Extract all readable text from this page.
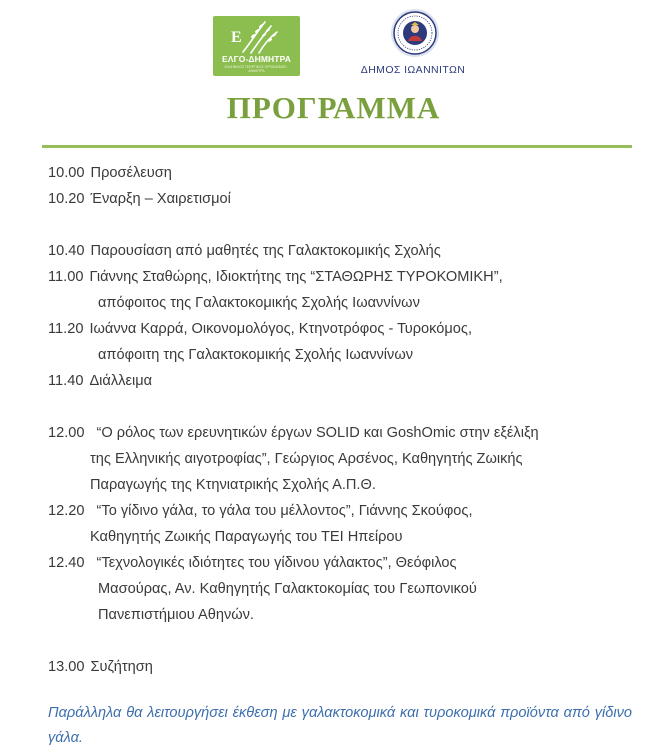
Ε
ΕΛΓΟ-ΔΗΜΗΤΡΑ
ΕΛΛΗΝΙΚΟΣ ΓΕΩΡΓΙΚΟΣ ΟΡΓΑΝΙΣΜΟΣ - ΔΗΜΗΤΡΑ	ΔΗΜΟΣ ΙΩΑΝΝΙΤΩΝ
ΠΡΟΓΡΑΜΜΑ
10.00 Προσέλευση
10.20 Έναρξη – Χαιρετισμοί
10.40 Παρουσίαση από μαθητές της Γαλακτοκομικής Σχολής
11.00 Γιάννης Σταθώρης, Ιδιοκτήτης της “ΣΤΑΘΩΡΗΣ ΤΥΡΟΚΟΜΙΚΗ”,
απόφοιτος της Γαλακτοκομικής Σχολής Ιωαννίνων
11.20 Ιωάννα Καρρά, Οικονομολόγος, Κτηνοτρόφος - Τυροκόμος,
απόφοιτη της Γαλακτοκομικής Σχολής Ιωαννίνων
11.40 Διάλλειμα
12.00 “Ο ρόλος των ερευνητικών έργων SOLID και GoshOmic στην εξέλιξη
της Ελληνικής αιγοτροφίας”, Γεώργιος Αρσένος, Καθηγητής Ζωικής
Παραγωγής της Κτηνιατρικής Σχολής Α.Π.Θ.
12.20 “Το γίδινο γάλα, το γάλα του μέλλοντος”, Γιάννης Σκούφος,
Καθηγητής Ζωικής Παραγωγής του ΤΕΙ Ηπείρου
12.40 “Τεχνολογικές ιδιότητες του γίδινου γάλακτος”, Θεόφιλος
Μασούρας, Αν. Καθηγητής Γαλακτοκομίας του Γεωπονικού
Πανεπιστήμιου Αθηνών.
13.00 Συζήτηση
Παράλληλα θα λειτουργήσει έκθεση με γαλακτοκομικά και τυροκομικά προϊόντα από γίδινο γάλα.
